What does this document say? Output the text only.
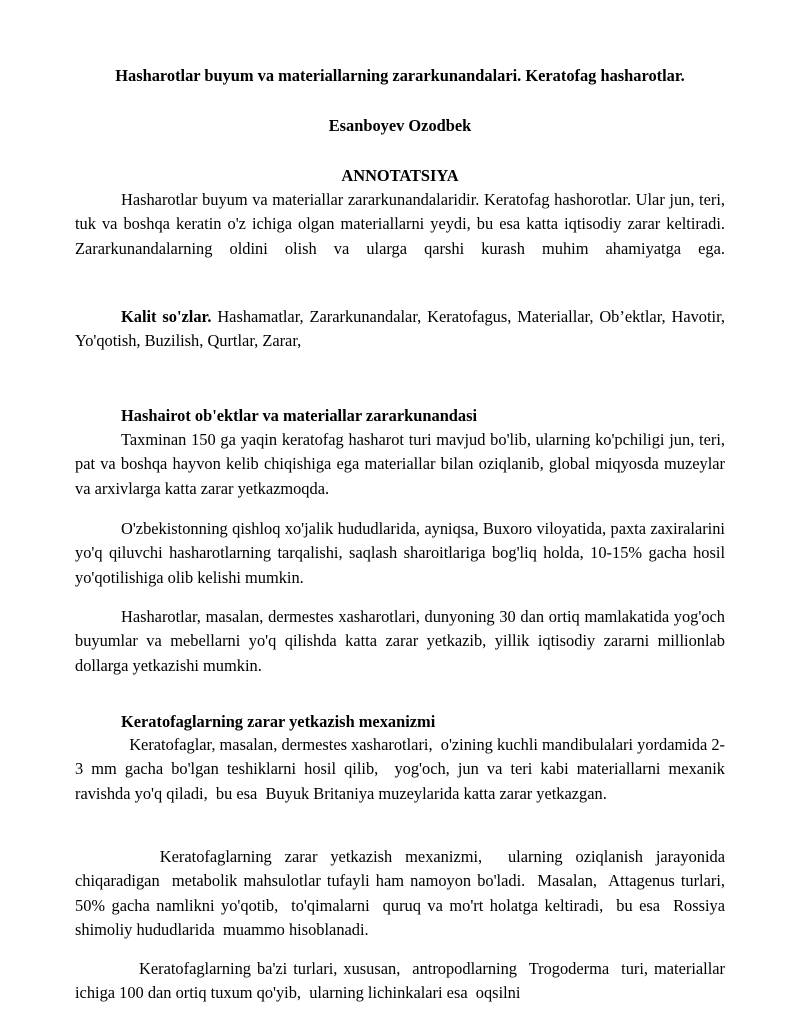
Hasharotlar buyum va materiallarning zararkunandalari. Keratofag hasharotlar.
Esanboyev Ozodbek
ANNOTATSIYA
Hasharotlar buyum va materiallar zararkunandalaridir. Keratofag hashorotlar. Ular jun, teri, tuk va boshqa keratin o'z ichiga olgan materiallarni yeydi, bu esa katta iqtisodiy zarar keltiradi. Zararkunandalarning oldini olish va ularga qarshi kurash muhim ahamiyatga ega.
Kalit so'zlar. Hashamatlar, Zararkunandalar, Keratofagus, Materiallar, Ob’ektlar, Havotir, Yo'qotish, Buzilish, Qurtlar, Zarar,
Hashairot ob'ektlar va materiallar zararkunandasi
Taxminan 150 ga yaqin keratofag hasharot turi mavjud bo'lib, ularning ko'pchiligi jun, teri, pat va boshqa hayvon kelib chiqishiga ega materiallar bilan oziqlanib, global miqyosda muzeylar va arxivlarga katta zarar yetkazmoqda.
O'zbekistonning qishloq xo'jalik hududlarida, ayniqsa, Buxoro viloyatida, paxta zaxiralarini yo'q qiluvchi hasharotlarning tarqalishi, saqlash sharoitlariga bog'liq holda, 10-15% gacha hosil yo'qotilishiga olib kelishi mumkin.
Hasharotlar, masalan, dermestes xasharotlari, dunyoning 30 dan ortiq mamlakatida yog'och buyumlar va mebellarni yo'q qilishda katta zarar yetkazib, yillik iqtisodiy zararni millionlab dollarga yetkazishi mumkin.
Keratofaglarning zarar yetkazish mexanizmi
Keratofaglar, masalan, dermestes xasharotlari,  o'zining kuchli mandibulalari yordamida 2-3 mm gacha bo'lgan teshiklarni hosil qilib,  yog'och, jun va teri kabi materiallarni mexanik ravishda yo'q qiladi,  bu esa  Buyuk Britaniya muzeylarida katta zarar yetkazgan.
Keratofaglarning zarar yetkazish mexanizmi,  ularning oziqlanish jarayonida chiqaradigan  metabolik mahsulotlar tufayli ham namoyon bo'ladi.  Masalan,  Attagenus turlari,  50% gacha namlikni yo'qotib,  to'qimalarni  quruq va mo'rt holatga keltiradi,  bu esa  Rossiya shimoliy hududlarida  muammo hisoblanadi.
Keratofaglarning ba'zi turlari, xususan,  antropodlarning  Trogoderma  turi, materiallar ichiga 100 dan ortiq tuxum qo'yib,  ularning lichinkalari esa  oqsilni
